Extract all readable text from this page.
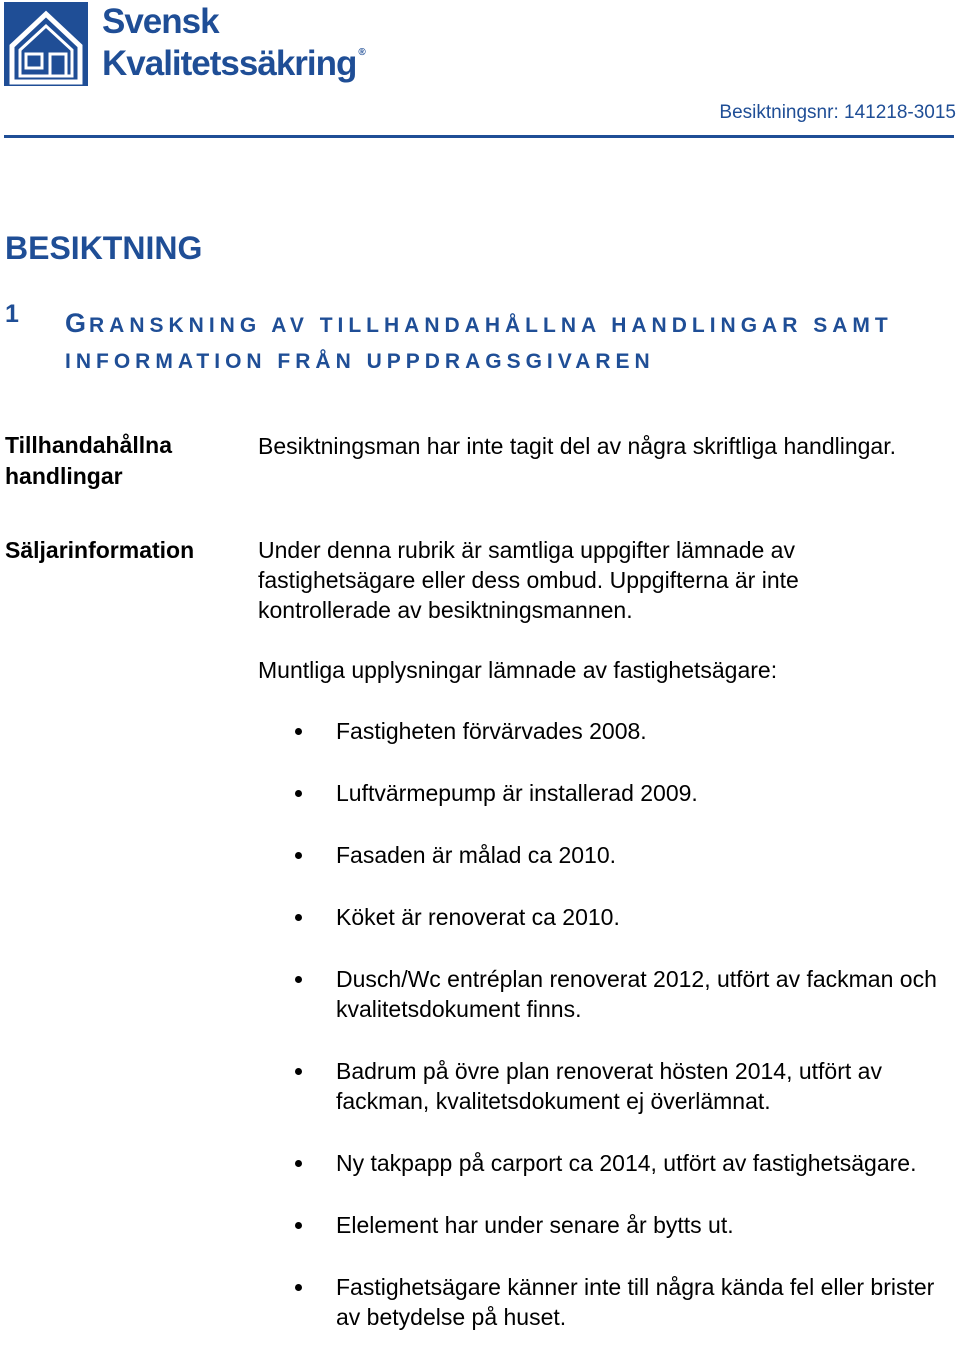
Svensk
Kvalitetssäkring ®
Besiktningsnr: 141218-3015
BESIKTNING
1 GRANSKNING AV TILLHANDAHÅLLNA HANDLINGAR SAMT INFORMATION FRÅN UPPDRAGSGIVAREN
Tillhandahållna handlingar
Besiktningsman har inte tagit del av några skriftliga handlingar.
Säljarinformation	Under denna rubrik är samtliga uppgifter lämnade av fastighetsägare eller dess ombud. Uppgifterna är inte kontrollerade av besiktningsmannen.
Muntliga upplysningar lämnade av fastighetsägare:
Fastigheten förvärvades 2008.
Luftvärmepump är installerad 2009.
Fasaden är målad ca 2010.
Köket är renoverat ca 2010.
Dusch/Wc entréplan renoverat 2012, utfört av fackman och kvalitetsdokument finns.
Badrum på övre plan renoverat hösten 2014, utfört av fackman, kvalitetsdokument ej överlämnat.
Ny takpapp på carport ca 2014, utfört av fastighetsägare.
Elelement har under senare år bytts ut.
Fastighetsägare känner inte till några kända fel eller brister av betydelse på huset.
